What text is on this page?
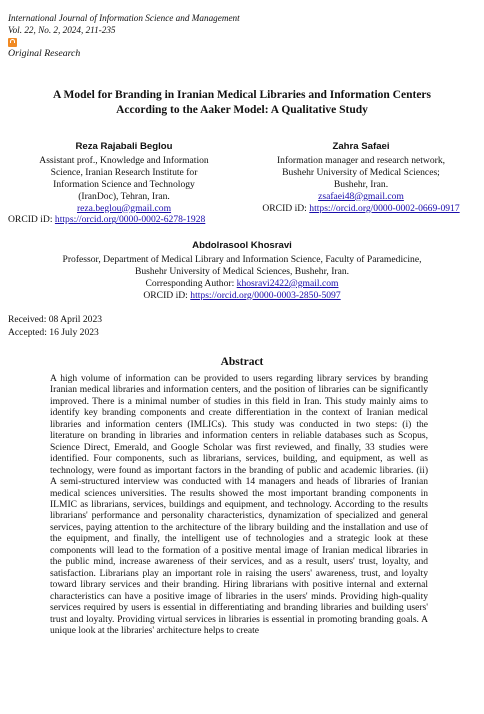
International Journal of Information Science and Management
Vol. 22, No. 2, 2024, 211-235
Original Research
A Model for Branding in Iranian Medical Libraries and Information Centers
According to the Aaker Model: A Qualitative Study
Reza Rajabali Beglou
Assistant prof., Knowledge and Information
Science, Iranian Research Institute for
Information Science and Technology
(IranDoc), Tehran, Iran.
reza.beglou@gmail.com
ORCID iD: https://orcid.org/0000-0002-6278-1928
Zahra Safaei
Information manager and research network,
Bushehr University of Medical Sciences;
Bushehr, Iran.
zsafaei48@gmail.com
ORCID iD: https://orcid.org/0000-0002-0669-0917
Abdolrasool Khosravi
Professor, Department of Medical Library and Information Science, Faculty of Paramedicine,
Bushehr University of Medical Sciences, Bushehr, Iran.
Corresponding Author: khosravi2422@gmail.com
ORCID iD: https://orcid.org/0000-0003-2850-5097
Received: 08 April 2023
Accepted: 16 July 2023
Abstract
A high volume of information can be provided to users regarding library services by branding Iranian medical libraries and information centers, and the position of libraries can be significantly improved. There is a minimal number of studies in this field in Iran. This study mainly aims to identify key branding components and create differentiation in the context of Iranian medical libraries and information centers (IMLICs). This study was conducted in two steps: (i) the literature on branding in libraries and information centers in reliable databases such as Scopus, Science Direct, Emerald, and Google Scholar was first reviewed, and finally, 33 studies were identified. Four components, such as librarians, services, building, and equipment, as well as technology, were found as important factors in the branding of public and academic libraries. (ii) A semi-structured interview was conducted with 14 managers and heads of libraries of Iranian medical sciences universities. The results showed the most important branding components in ILMIC as librarians, services, buildings and equipment, and technology. According to the results librarians' performance and personality characteristics, dynamization of specialized and general services, paying attention to the architecture of the library building and the installation and use of the equipment, and finally, the intelligent use of technologies and a strategic look at these components will lead to the formation of a positive mental image of Iranian medical libraries in the public mind, increase awareness of their services, and as a result, users' trust, loyalty, and satisfaction. Librarians play an important role in raising the users' awareness, trust, and loyalty toward library services and their branding. Hiring librarians with positive internal and external characteristics can have a positive image of libraries in the users' minds. Providing high-quality services required by users is essential in differentiating and branding libraries and building users' trust and loyalty. Providing virtual services in libraries is essential in promoting branding goals. A unique look at the libraries' architecture helps to create
